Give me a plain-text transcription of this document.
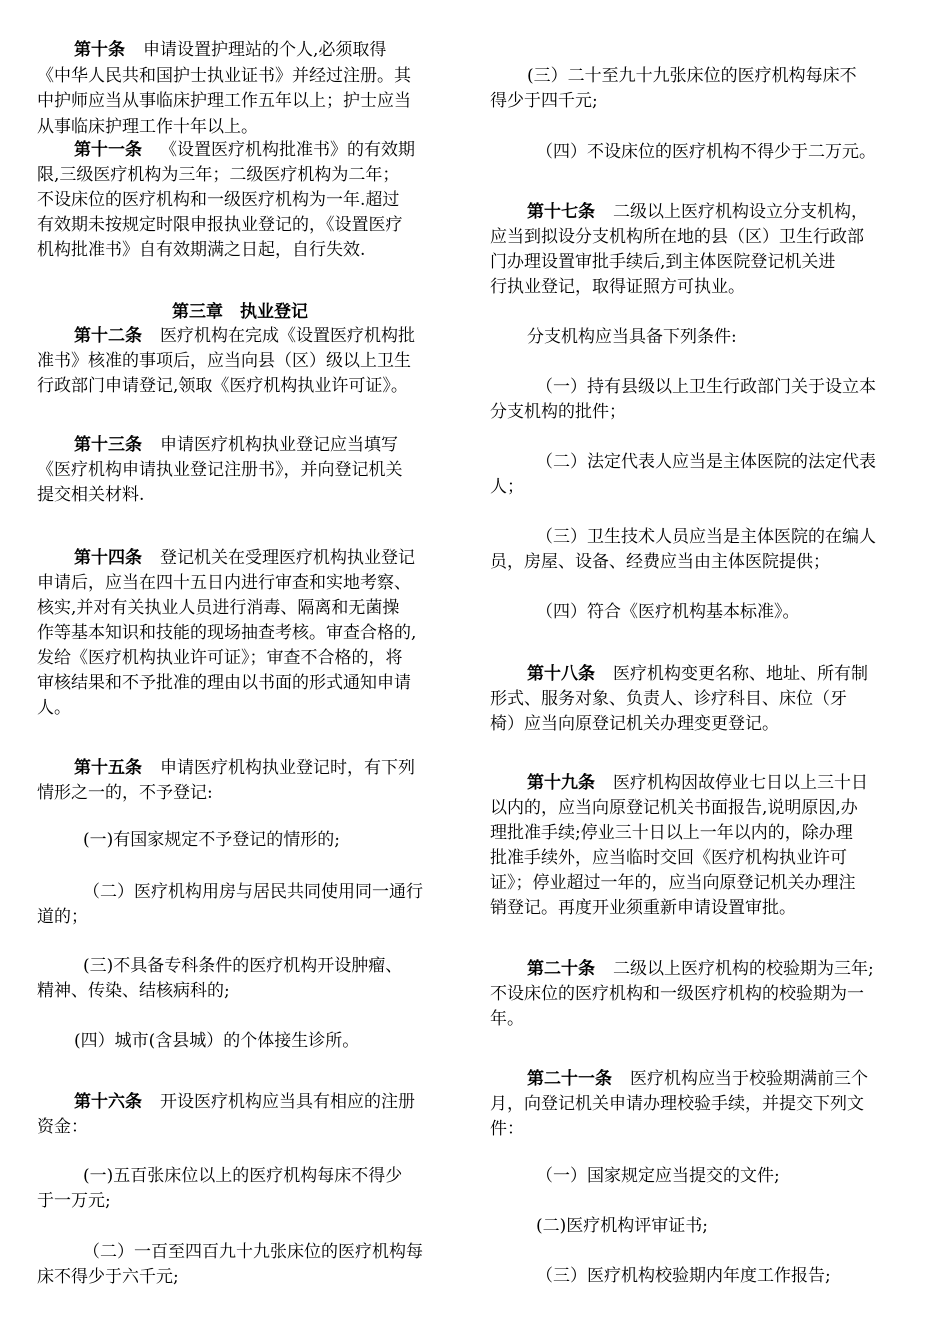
第十条 申请设置护理站的个人,必须取得
《中华人民共和国护士执业证书》并经过注册。其
中护师应当从事临床护理工作五年以上；护士应当
从事临床护理工作十年以上。
第十一条 《设置医疗机构批准书》的有效期
限,三级医疗机构为三年；二级医疗机构为二年；
不设床位的医疗机构和一级医疗机构为一年.超过
有效期未按规定时限申报执业登记的，《设置医疗
机构批准书》自有效期满之日起，自行失效.
第三章　执业登记
第十二条 医疗机构在完成《设置医疗机构批
准书》核准的事项后，应当向县（区）级以上卫生
行政部门申请登记,领取《医疗机构执业许可证》。
第十三条 申请医疗机构执业登记应当填写
《医疗机构申请执业登记注册书》，并向登记机关
提交相关材料.
第十四条 登记机关在受理医疗机构执业登记
申请后，应当在四十五日内进行审查和实地考察、
核实,并对有关执业人员进行消毒、隔离和无菌操
作等基本知识和技能的现场抽查考核。审查合格的,
发给《医疗机构执业许可证》；审查不合格的，将
审核结果和不予批准的理由以书面的形式通知申请
人。
第十五条 申请医疗机构执业登记时，有下列
情形之一的，不予登记:
(一)有国家规定不予登记的情形的;
（二）医疗机构用房与居民共同使用同一通行
道的；
(三)不具备专科条件的医疗机构开设肿瘤、
精神、传染、结核病科的;
(四）城市(含县城）的个体接生诊所。
第十六条 开设医疗机构应当具有相应的注册
资金：
(一)五百张床位以上的医疗机构每床不得少
于一万元;
（二）一百至四百九十九张床位的医疗机构每
床不得少于六千元;
(三）二十至九十九张床位的医疗机构每床不
得少于四千元;
（四）不设床位的医疗机构不得少于二万元。
第十七条 二级以上医疗机构设立分支机构，
应当到拟设分支机构所在地的县（区）卫生行政部
门办理设置审批手续后,到主体医院登记机关进
行执业登记，取得证照方可执业。
分支机构应当具备下列条件:
（一）持有县级以上卫生行政部门关于设立本
分支机构的批件；
（二）法定代表人应当是主体医院的法定代表
人；
（三）卫生技术人员应当是主体医院的在编人
员，房屋、设备、经费应当由主体医院提供；
（四）符合《医疗机构基本标准》。
第十八条 医疗机构变更名称、地址、所有制
形式、服务对象、负责人、诊疗科目、床位（牙
椅）应当向原登记机关办理变更登记。
第十九条 医疗机构因故停业七日以上三十日
以内的，应当向原登记机关书面报告,说明原因,办
理批准手续;停业三十日以上一年以内的，除办理
批准手续外，应当临时交回《医疗机构执业许可
证》；停业超过一年的，应当向原登记机关办理注
销登记。再度开业须重新申请设置审批。
第二十条 二级以上医疗机构的校验期为三年;
不设床位的医疗机构和一级医疗机构的校验期为一
年。
第二十一条 医疗机构应当于校验期满前三个
月，向登记机关申请办理校验手续，并提交下列文
件：
（一）国家规定应当提交的文件;
(二)医疗机构评审证书;
（三）医疗机构校验期内年度工作报告;
